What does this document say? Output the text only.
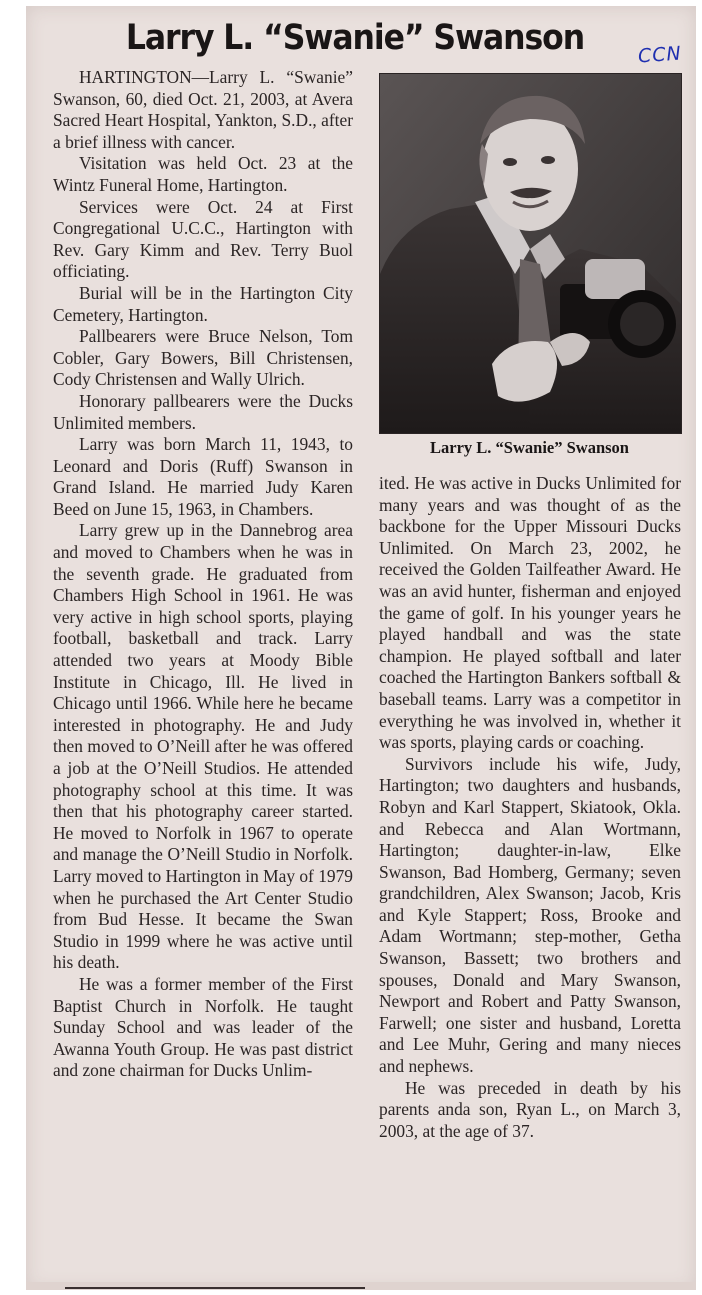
Larry L. “Swanie” Swanson	CCN

HARTINGTON—Larry L. “Swanie” Swanson, 60, died Oct. 21, 2003, at Avera Sacred Heart Hospital, Yankton, S.D., after a brief illness with cancer.

Visitation was held Oct. 23 at the Wintz Funeral Home, Hartington.

Services were Oct. 24 at First Congregational U.C.C., Hartington with Rev. Gary Kimm and Rev. Terry Buol officiating.

Burial will be in the Hartington City Cemetery, Hartington.

Pallbearers were Bruce Nelson, Tom Cobler, Gary Bowers, Bill Christensen, Cody Christensen and Wally Ulrich.

Honorary pallbearers were the Ducks Unlimited members.

Larry was born March 11, 1943, to Leonard and Doris (Ruff) Swanson in Grand Island. He married Judy Karen Beed on June 15, 1963, in Chambers.

Larry grew up in the Dannebrog area and moved to Chambers when he was in the seventh grade. He graduated from Chambers High School in 1961. He was very active in high school sports, playing football, basketball and track. Larry attended two years at Moody Bible Institute in Chicago, Ill. He lived in Chicago until 1966. While here he became interested in photography. He and Judy then moved to O’Neill after he was offered a job at the O’Neill Studios. He attended photography school at this time. It was then that his photography career started. He moved to Norfolk in 1967 to operate and manage the O’Neill Studio in Norfolk. Larry moved to Hartington in May of 1979 when he purchased the Art Center Studio from Bud Hesse. It became the Swan Studio in 1999 where he was active until his death.

He was a former member of the First Baptist Church in Norfolk. He taught Sunday School and was leader of the Awanna Youth Group. He was past district and zone chairman for Ducks Unlim-

Larry L. “Swanie” Swanson

ited. He was active in Ducks Unlimited for many years and was thought of as the backbone for the Upper Missouri Ducks Unlimited. On March 23, 2002, he received the Golden Tailfeather Award. He was an avid hunter, fisherman and enjoyed the game of golf. In his younger years he played handball and was the state champion. He played softball and later coached the Hartington Bankers softball & baseball teams. Larry was a competitor in everything he was involved in, whether it was sports, playing cards or coaching.

Survivors include his wife, Judy, Hartington; two daughters and husbands, Robyn and Karl Stappert, Skiatook, Okla. and Rebecca and Alan Wortmann, Hartington; daughter-in-law, Elke Swanson, Bad Homberg, Germany; seven grandchildren, Alex Swanson; Jacob, Kris and Kyle Stappert; Ross, Brooke and Adam Wortmann; step-mother, Getha Swanson, Bassett; two brothers and spouses, Donald and Mary Swanson, Newport and Robert and Patty Swanson, Farwell; one sister and husband, Loretta and Lee Muhr, Gering and many nieces and nephews.

He was preceded in death by his parents anda son, Ryan L., on March 3, 2003, at the age of 37.
